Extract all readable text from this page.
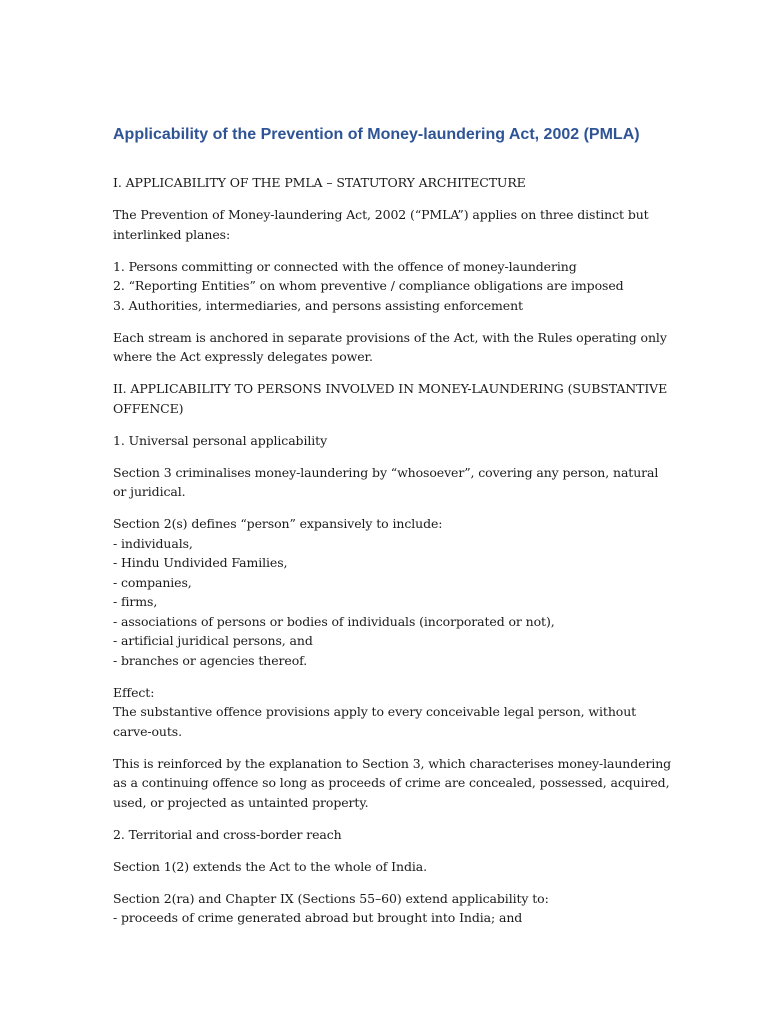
Applicability of the Prevention of Money-laundering Act, 2002 (PMLA)
I. APPLICABILITY OF THE PMLA – STATUTORY ARCHITECTURE
The Prevention of Money-laundering Act, 2002 (“PMLA”) applies on three distinct but interlinked planes:
1. Persons committing or connected with the offence of money-laundering
2. “Reporting Entities” on whom preventive / compliance obligations are imposed
3. Authorities, intermediaries, and persons assisting enforcement
Each stream is anchored in separate provisions of the Act, with the Rules operating only where the Act expressly delegates power.
II. APPLICABILITY TO PERSONS INVOLVED IN MONEY-LAUNDERING (SUBSTANTIVE OFFENCE)
1. Universal personal applicability
Section 3 criminalises money-laundering by “whosoever”, covering any person, natural or juridical.
Section 2(s) defines “person” expansively to include:
- individuals,
- Hindu Undivided Families,
- companies,
- firms,
- associations of persons or bodies of individuals (incorporated or not),
- artificial juridical persons, and
- branches or agencies thereof.
Effect:
The substantive offence provisions apply to every conceivable legal person, without carve-outs.
This is reinforced by the explanation to Section 3, which characterises money-laundering as a continuing offence so long as proceeds of crime are concealed, possessed, acquired, used, or projected as untainted property.
2. Territorial and cross-border reach
Section 1(2) extends the Act to the whole of India.
Section 2(ra) and Chapter IX (Sections 55–60) extend applicability to:
- proceeds of crime generated abroad but brought into India; and
